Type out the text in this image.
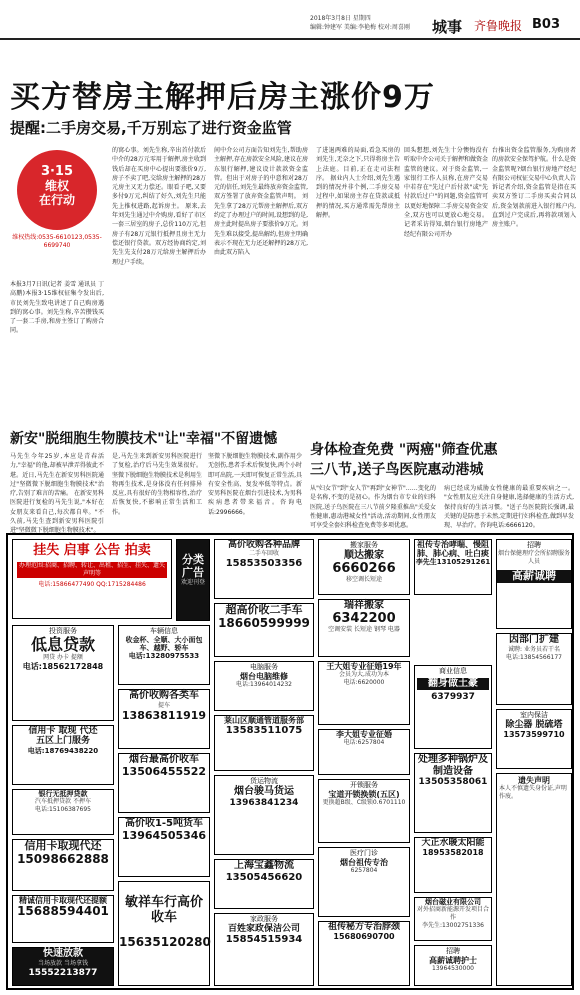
2018年3月8日 星期四
编辑:钟建军 美编:李艳梅 校对:周喜刚 城事 齐鲁晚报 B03
买方替房主解押后房主涨价9万
提醒:二手房交易,千万别忘了进行资金监管
3·15
维权
在行动
维权热线:0535-6610123,0535-6699740
本报3月7日讯(记者 姜雪 通讯员 丁高鹏)本报3·15维权征集令发出后,市民刘先生致电讲述了自己购房遇到的窝心事。刘先生称,辛苦攒钱买了一套二手房,和房主签订了购房合同。
的窝心事。刘先生称,辛出首付款后中介的28万元零用于解押,房主收到钱后却在买房中心提出要涨价9万,房子不卖了吧,交给房主解押的28万元房主又无力偿还。眼看子吧,又要多付9万元,纠结了好久,刘先生只能先上推权进路,起诉房主。 原来,去年刘先生通过中介购房,看好了市区一套三居室的房子,总价110万元,但房子有28万元银行抵押且房主无力偿还银行贷款。双方经协商约定,刘先生先支付28万元给房主解押后办理过户手续。
间中介公司方面告知刘先生,帮助房主解押,存在房款安全风险,建议在房东银行解押,建议设计款款资金监管。但出于对房子的中意和对28万元的信任,刘先生最终放弃资金监管,双方签署了放弃资金监管声明。 刘先生拿了28万元帮房主解押后,双方约定了办理过户的时间,设想到的是,房主此时提出房子要涨价9万元。刘先生难以接受,提出解约,但房主明确表示不现在无力还还解押的28万元,由此双方陷入
了进退两难的局面,看急买房的刘先生,无奈之下,只得将房主告上法庭。目前,正在走司法程序。 据业内人士介绍,刘先生遇到的情况并非个例,二手房交易过程中,如果房主存在贷款或抵押的情况,买方通常需先帮房主解押。
回头想想,刘先生十分懊悔没有听取中介公司关于解押和做资金监管的建议。对于资金监管,一家银行工作人员称,在房产交易中若存在"先过户后付款"或"先付款后过户"的问题,资金监管可以更好地保障二手房交易资金安全,双方也可以更放心地交易。 记者采访得知,烟台银行房地产经纪有限公司开办
台推出资金监管服务,为购房者的房款安全保驾护航。什么是资金监管呢?烟台银行房地产经纪有限公司权征交易中心负责人告诉记者介绍,资金监管是指在买卖双方签订二手房买卖合同以后,资金划款前进入银行账户内,直到过户完成后,再将款项划入房主账户。
新安"脱细胞生物膜技术"让"幸福"不留遗憾
马先生今年25岁,本应是青春活力,"幸福"的他,却被早泄弄得彼此不堪。近日,马先生在新安男科医院通过"坚微微下脱细胞生物膜技术"治疗,告别了难言的苦痛。 在新安男科医院进行复检的马先生说,"本好在女朋友来看自己,每次都自卑。"不久前,马先生查到新安男科医院引进"坚微微下脱细胞生物膜技术"。
是,马先生来到新安男科医院进行了复检,治疗后马先生效果很好。 坚微下脱细胞生物膜技术是利用生物再生技术,是身体没有任何排异反应,具有很好的生物相容性,治疗后恢复快,不影响正常生活和工作。
坚微下脱细胞生物膜技术,副作用少无创伤,患者手术后恢复快,两个小时即可出院,一天即可恢复正常生活,具有安全性高、复发率低等特点。新安男科医院在烟台引进技术,为男科疾病患者带来福音。咨询电话:2996666。
身体检查免费 "两癌"筛查优惠
三八节,送子鸟医院惠动港城
从"妇女节"到"女人节"再到"女神节"……变化的是名称,不变的是初心。作为烟台市专业的妇科医院,送子鸟医院在三八节前夕隆重推出"关爱女性健康,惠动港城女性"活动,活动期间,女性朋友可享受全套妇科检查免费等多项优惠。
病已经成为威胁女性健康的最重要疾病之一。 "女性朋友应关注自身健康,选择健康的生活方式,保持良好的生活习惯。"送子鸟医院院长强调,最关键的是防患于未然,定期进行妇科检查,做到早发现、早治疗。咨询电话:6666120。
挂失 启事 公告 拍卖
办理范围:招商、招聘、转让、出租、招生、挂失、遗失声明等
电话:15866477490 QQ:1715284486
投资服务
低息贷款
网贷 办卡 提额
电话:18562172848
信用卡 取现 代还
五区上门服务
电话:18769438220
银行无抵押贷款
汽车抵押贷款 不押车
电话:15106387695
信用卡取现代还
15098662888
精诚信用卡取现代还提额
15688594401
快速放款
当场放款 当场拿钱
15552213877
车辆信息
收金杯、全顺、大小面包车、越野、轿车
电话:13280975533
高价收购各类车
提车
13863811919
烟台最高价收车
13506455522
高价收1-5吨货车
13964505346
敏祥车行高价收车
15635120280
分类广告
欢迎刊登
高价收购各种品牌
二手车回收
15853503356
超高价收二手车
18660599999
电脑服务
烟台电脑维修
电话:13964014232
莱山区顺通管道服务部
13583511075
货运物流
烟台骏马货运
13963841234
上海宝鑫物流
13505456620
家政服务
百姓家政保洁公司
15854515934
搬家服务
顺达搬家
6660266
移空调长短途
瑞祥搬家
6342200
空调安装 长短途 钢琴 电器
王大姐专业征婚19年
会员为大,成功为本
电话:6620000
李大姐专业征婚
电话:6257804
开锁服务
宝道开锁换锁(五区)
更换超B级、C级锁0.6701110
医疗门诊
烟台祖传专治
6257804
祖传秘方专治脖颈
15680690700
祖传专治哮喘、慢阻肺、肺心病、吐白痰
李先生13105291261
商业信息
翻身做土豪
6379937
处理多种锅炉及制造设备
13505358061
大正水暖太阳能
18953582018
烟台磁业有限公司
对外招商新能源开发项目合作
李先生:13002751336
招聘
高薪诚聘护士
13964530000
招聘
烟台保健理疗会所招聘服务人员
高薪诚聘
因部门扩建
诚聘: 业务员若干名
电话:13854566177
室内保洁
除尘器 脱硫塔
13573599710
遗失声明
本人不慎遗失身份证,声明作废。
